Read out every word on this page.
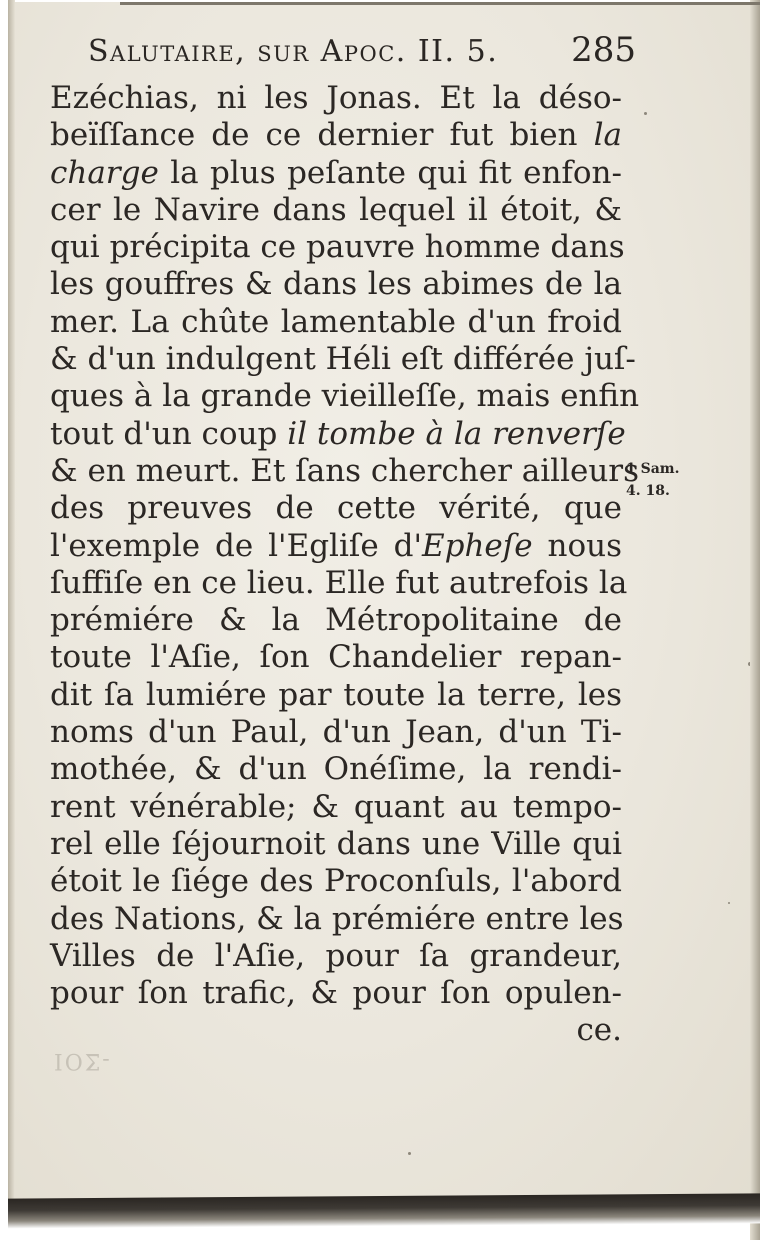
Salutaire, sur Apoc. II. 5. 285
Ezéchias, ni les Jonas. Et la déso-
beïſſance de ce dernier fut bien la
charge la plus peſante qui fit enfon-
cer le Navire dans lequel il étoit, &
qui précipita ce pauvre homme dans
les gouffres & dans les abimes de la
mer. La chûte lamentable d'un froid
& d'un indulgent Héli eſt différée juſ-
ques à la grande vieilleſſe, mais enfin
tout d'un coup il tombe à la renverſe
& en meurt. Et ſans chercher ailleurs
des preuves de cette vérité, que
l'exemple de l'Egliſe d'Epheſe nous
ſuffiſe en ce lieu. Elle fut autrefois la
prémiére & la Métropolitaine de
toute l'Aſie, ſon Chandelier repan-
dit ſa lumiére par toute la terre, les
noms d'un Paul, d'un Jean, d'un Ti-
mothée, & d'un Onéſime, la rendi-
rent vénérable; & quant au tempo-
rel elle ſéjournoit dans une Ville qui
étoit le ſiége des Proconſuls, l'abord
des Nations, & la prémiére entre les
Villes de l'Aſie, pour ſa grandeur,
pour ſon trafic, & pour ſon opulen-
ce.
1 Sam.
4. 18.
ΙOΣ-
